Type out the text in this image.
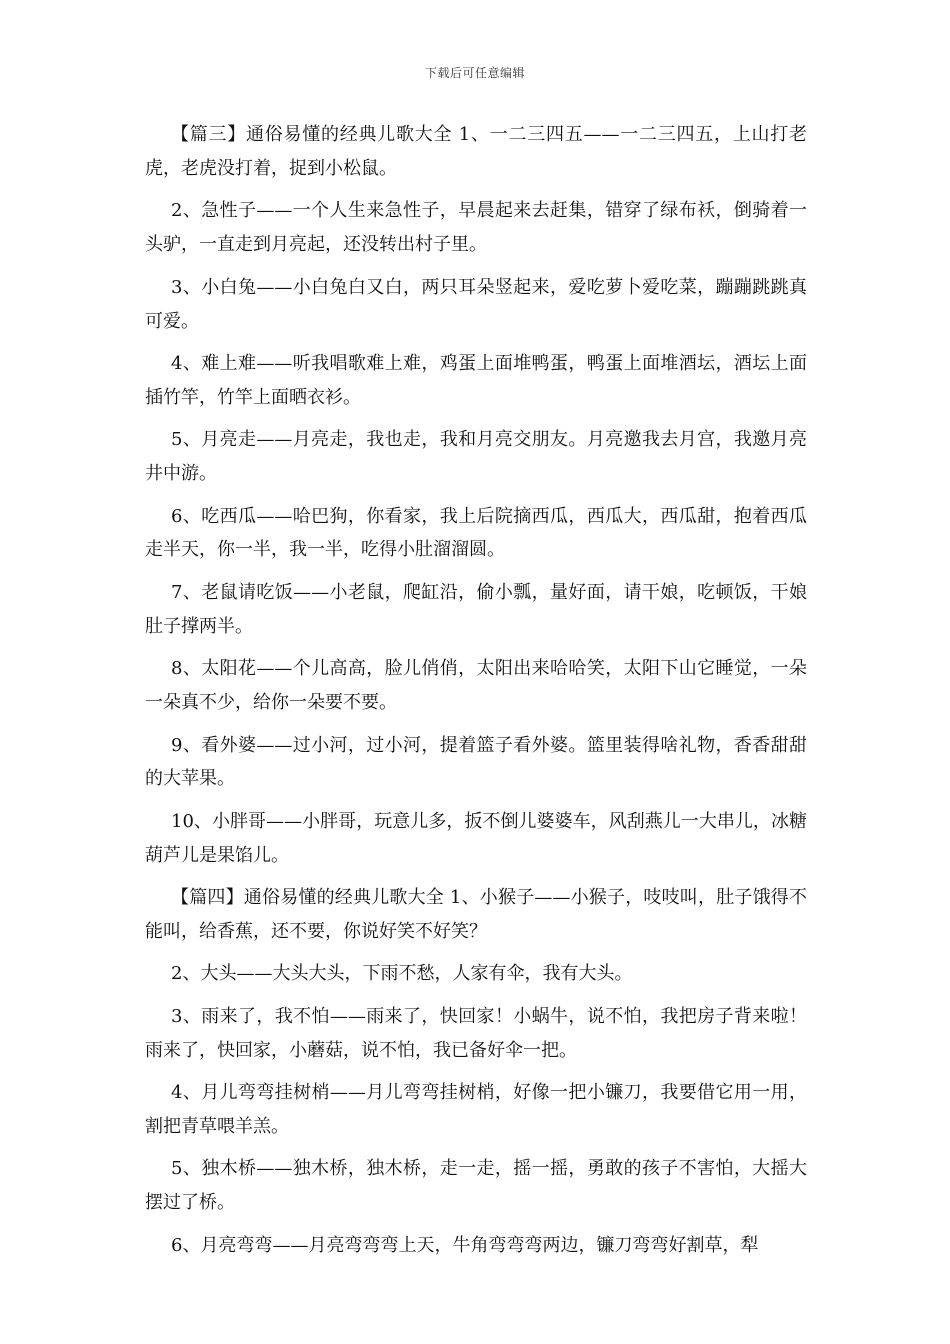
下载后可任意编辑

【篇三】通俗易懂的经典儿歌大全 1、一二三四五——一二三四五，上山打老虎，老虎没打着，捉到小松鼠。

2、急性子——一个人生来急性子，早晨起来去赶集，错穿了绿布袄，倒骑着一头驴，一直走到月亮起，还没转出村子里。

3、小白兔——小白兔白又白，两只耳朵竖起来，爱吃萝卜爱吃菜，蹦蹦跳跳真可爱。

4、难上难——听我唱歌难上难，鸡蛋上面堆鸭蛋，鸭蛋上面堆酒坛，酒坛上面插竹竿，竹竿上面晒衣衫。

5、月亮走——月亮走，我也走，我和月亮交朋友。月亮邀我去月宫，我邀月亮井中游。

6、吃西瓜——哈巴狗，你看家，我上后院摘西瓜，西瓜大，西瓜甜，抱着西瓜走半天，你一半，我一半，吃得小肚溜溜圆。

7、老鼠请吃饭——小老鼠，爬缸沿，偷小瓢，量好面，请干娘，吃顿饭，干娘肚子撑两半。

8、太阳花——个儿高高，脸儿俏俏，太阳出来哈哈笑，太阳下山它睡觉，一朵一朵真不少，给你一朵要不要。

9、看外婆——过小河，过小河，提着篮子看外婆。篮里装得啥礼物，香香甜甜的大苹果。

10、小胖哥——小胖哥，玩意儿多，扳不倒儿婆婆车，风刮燕儿一大串儿，冰糖葫芦儿是果馅儿。

【篇四】通俗易懂的经典儿歌大全 1、小猴子——小猴子，吱吱叫，肚子饿得不能叫，给香蕉，还不要，你说好笑不好笑？

2、大头——大头大头，下雨不愁，人家有伞，我有大头。

3、雨来了，我不怕——雨来了，快回家！小蜗牛，说不怕，我把房子背来啦！雨来了，快回家，小蘑菇，说不怕，我已备好伞一把。

4、月儿弯弯挂树梢——月儿弯弯挂树梢，好像一把小镰刀，我要借它用一用，割把青草喂羊羔。

5、独木桥——独木桥，独木桥，走一走，摇一摇，勇敢的孩子不害怕，大摇大摆过了桥。

6、月亮弯弯——月亮弯弯弯上天，牛角弯弯弯两边，镰刀弯弯好割草，犁
